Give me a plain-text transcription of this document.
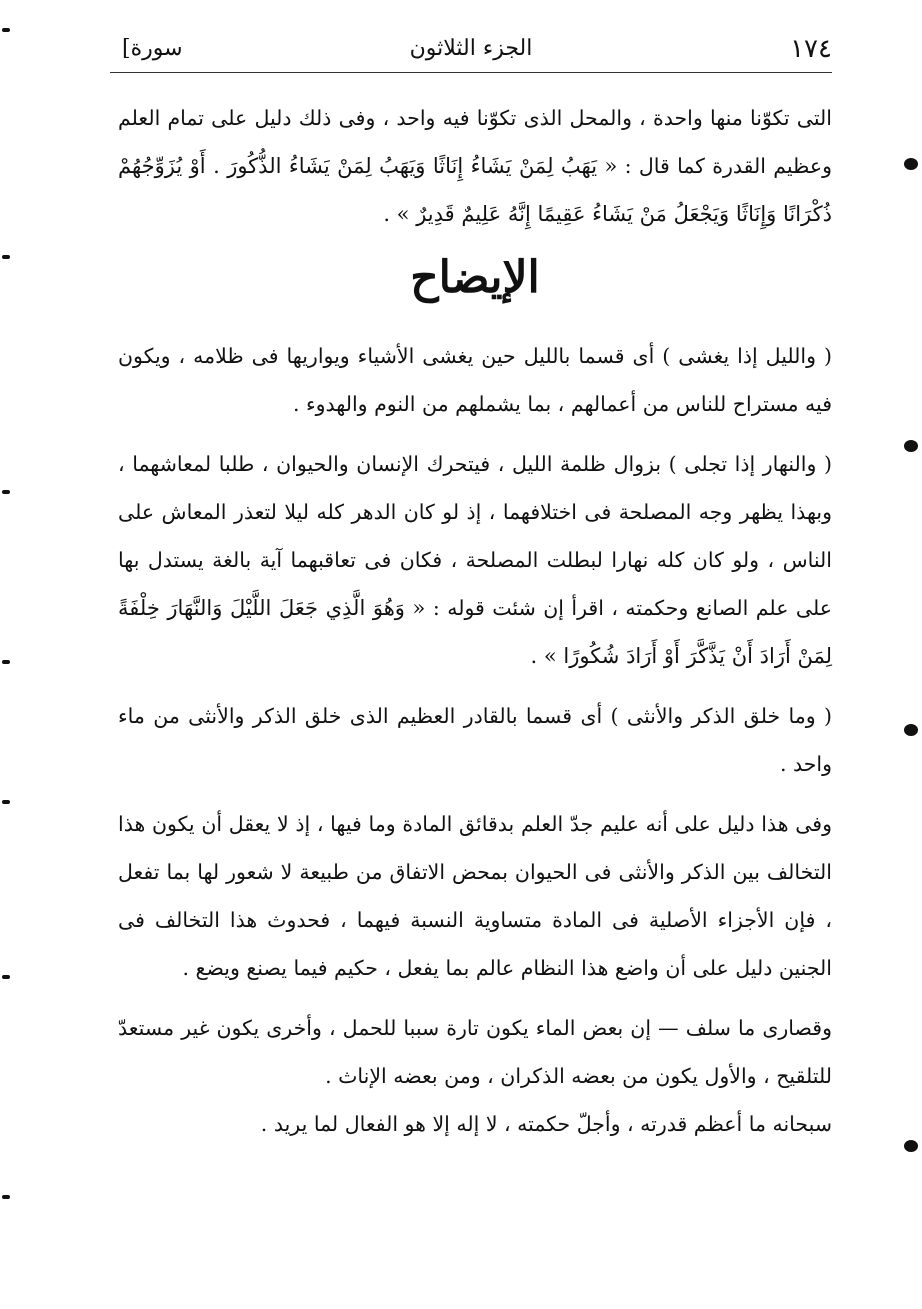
١٧٤
الجزء الثلاثون
سورة]

التى تكوّنا منها واحدة ، والمحل الذى تكوّنا فيه واحد ، وفى ذلك دليل على تمام العلم وعظيم القدرة كما قال : « يَهَبُ لِمَنْ يَشَاءُ إِنَاثًا وَيَهَبُ لِمَنْ يَشَاءُ الذُّكُورَ . أَوْ يُزَوِّجُهُمْ ذُكْرَانًا وَإِنَاثًا وَيَجْعَلُ مَنْ يَشَاءُ عَقِيمًا إِنَّهُ عَلِيمٌ قَدِيرٌ » .

الإيضاح

( والليل إذا يغشى ) أى قسما بالليل حين يغشى الأشياء ويواريها فى ظلامه ، ويكون فيه مستراح للناس من أعمالهم ، بما يشملهم من النوم والهدوء .

( والنهار إذا تجلى ) بزوال ظلمة الليل ، فيتحرك الإنسان والحيوان ، طلبا لمعاشهما ، وبهذا يظهر وجه المصلحة فى اختلافهما ، إذ لو كان الدهر كله ليلا لتعذر المعاش على الناس ، ولو كان كله نهارا لبطلت المصلحة ، فكان فى تعاقبهما آية بالغة يستدل بها على علم الصانع وحكمته ، اقرأ إن شئت قوله : « وَهُوَ الَّذِي جَعَلَ اللَّيْلَ وَالنَّهَارَ خِلْفَةً لِمَنْ أَرَادَ أَنْ يَذَّكَّرَ أَوْ أَرَادَ شُكُورًا » .

( وما خلق الذكر والأنثى ) أى قسما بالقادر العظيم الذى خلق الذكر والأنثى من ماء واحد .

وفى هذا دليل على أنه عليم جدّ العلم بدقائق المادة وما فيها ، إذ لا يعقل أن يكون هذا التخالف بين الذكر والأنثى فى الحيوان بمحض الاتفاق من طبيعة لا شعور لها بما تفعل ، فإن الأجزاء الأصلية فى المادة متساوية النسبة فيهما ، فحدوث هذا التخالف فى الجنين دليل على أن واضع هذا النظام عالم بما يفعل ، حكيم فيما يصنع ويضع .

وقصارى ما سلف — إن بعض الماء يكون تارة سببا للحمل ، وأخرى يكون غير مستعدّ للتلقيح ، والأول يكون من بعضه الذكران ، ومن بعضه الإناث .

سبحانه ما أعظم قدرته ، وأجلّ حكمته ، لا إله إلا هو الفعال لما يريد .
